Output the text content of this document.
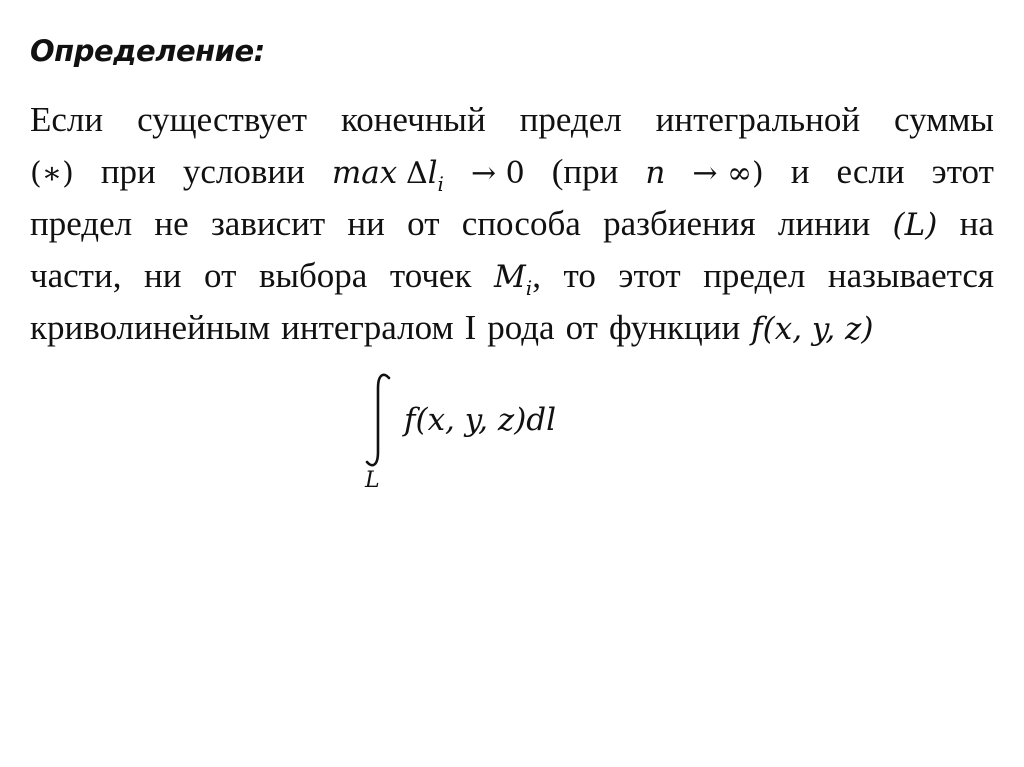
Определение:
Если существует конечный предел интегральной суммы
(∗) при условии $\max \Delta l_i \to 0$ (при n → ∞) и если этот
предел не зависит ни от способа разбиения линии (L) на
части, ни от выбора точек $M_i$, то этот предел называется
криволинейным интегралом I рода от функции f(x, y, z)
L
f(x, y, z)dl
